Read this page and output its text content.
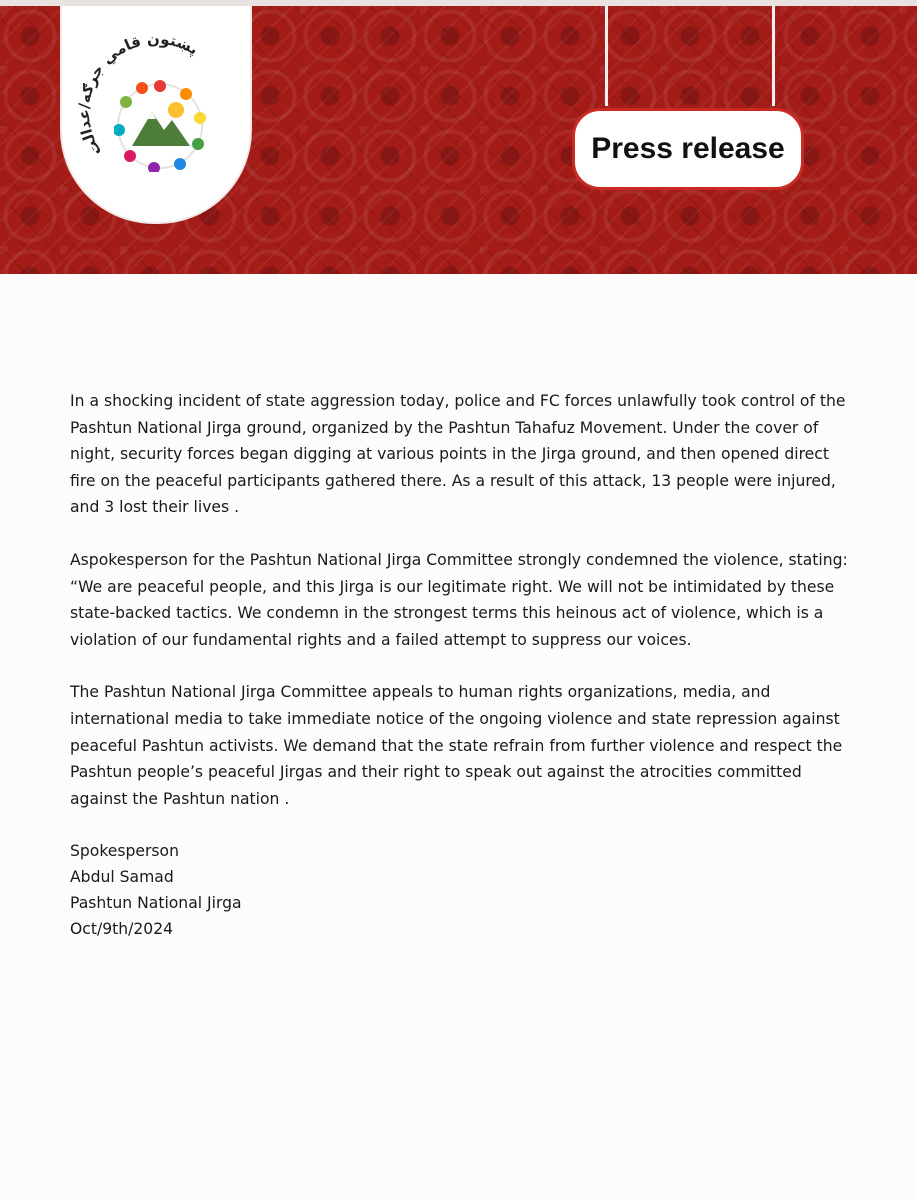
پښتون قامي جرګه/عدالت
Press release

In a shocking incident of state aggression today, police and FC forces unlawfully took control of the Pashtun National Jirga ground, organized by the Pashtun Tahafuz Movement. Under the cover of night, security forces began digging at various points in the Jirga ground, and then opened direct fire on the peaceful participants gathered there. As a result of this attack, 13 people were injured, and 3 lost their lives .

Aspokesperson for the Pashtun National Jirga Committee strongly condemned the violence, stating: “We are peaceful people, and this Jirga is our legitimate right. We will not be intimidated by these state-backed tactics. We condemn in the strongest terms this heinous act of violence, which is a violation of our fundamental rights and a failed attempt to suppress our voices.

The Pashtun National Jirga Committee appeals to human rights organizations, media, and international media to take immediate notice of the ongoing violence and state repression against peaceful Pashtun activists. We demand that the state refrain from further violence and respect the Pashtun people’s peaceful Jirgas and their right to speak out against the atrocities committed against the Pashtun nation .

Spokesperson
Abdul Samad
Pashtun National Jirga
Oct/9th/2024
